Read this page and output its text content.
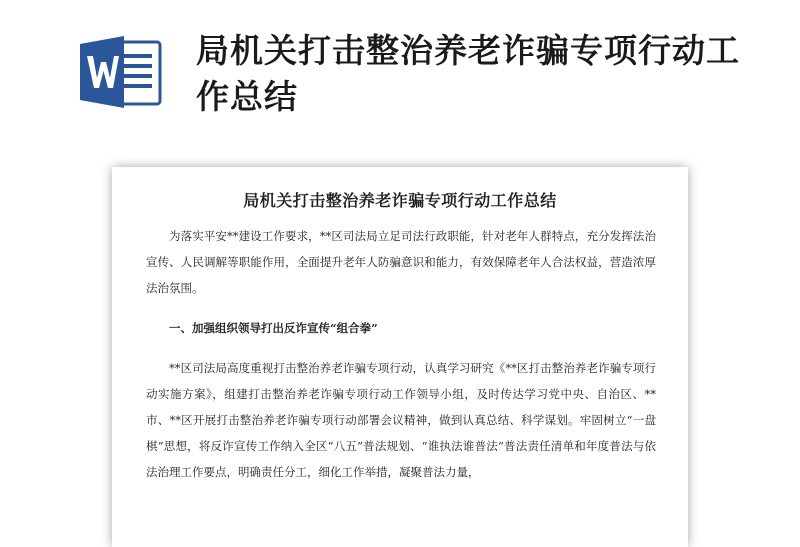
局机关打击整治养老诈骗专项行动工作总结
局机关打击整治养老诈骗专项行动工作总结

为落实平安**建设工作要求，**区司法局立足司法行政职能，针对老年人群特点，充分发挥法治宣传、人民调解等职能作用，全面提升老年人防骗意识和能力，有效保障老年人合法权益，营造浓厚法治氛围。

一、加强组织领导打出反诈宣传“组合拳”

**区司法局高度重视打击整治养老诈骗专项行动，认真学习研究《**区打击整治养老诈骗专项行动实施方案》，组建打击整治养老诈骗专项行动工作领导小组，及时传达学习党中央、自治区、**市、**区开展打击整治养老诈骗专项行动部署会议精神，做到认真总结、科学谋划。牢固树立“一盘棋”思想，将反诈宣传工作纳入全区“八五”普法规划、“谁执法谁普法”普法责任清单和年度普法与依法治理工作要点，明确责任分工，细化工作举措，凝聚普法力量，
